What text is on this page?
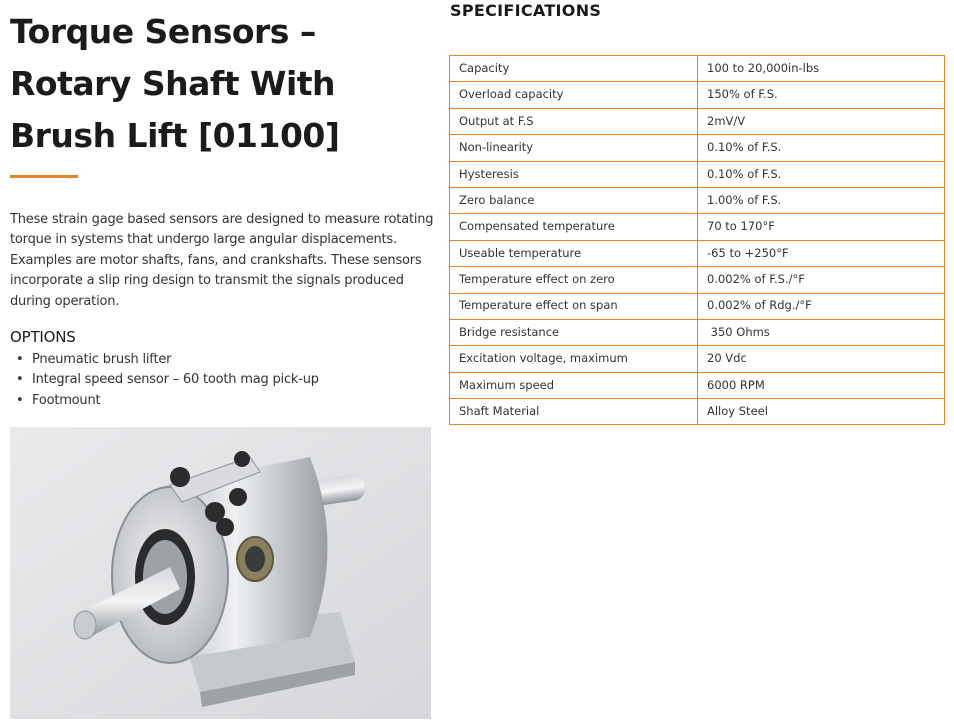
Torque Sensors – Rotary Shaft With Brush Lift [01100]

These strain gage based sensors are designed to measure rotating torque in systems that undergo large angular displacements. Examples are motor shafts, fans, and crankshafts. These sensors incorporate a slip ring design to transmit the signals produced during operation.

OPTIONS
• Pneumatic brush lifter
• Integral speed sensor – 60 tooth mag pick-up
• Footmount
SPECIFICATIONS
Capacity	100 to 20,000in-lbs
Overload capacity	150% of F.S.
Output at F.S	2mV/V
Non-linearity	0.10% of F.S.
Hysteresis	0.10% of F.S.
Zero balance	1.00% of F.S.
Compensated temperature	70 to 170°F
Useable temperature	-65 to +250°F
Temperature effect on zero	0.002% of F.S./°F
Temperature effect on span	0.002% of Rdg./°F
Bridge resistance	350 Ohms
Excitation voltage, maximum	20 Vdc
Maximum speed	6000 RPM
Shaft Material	Alloy Steel
